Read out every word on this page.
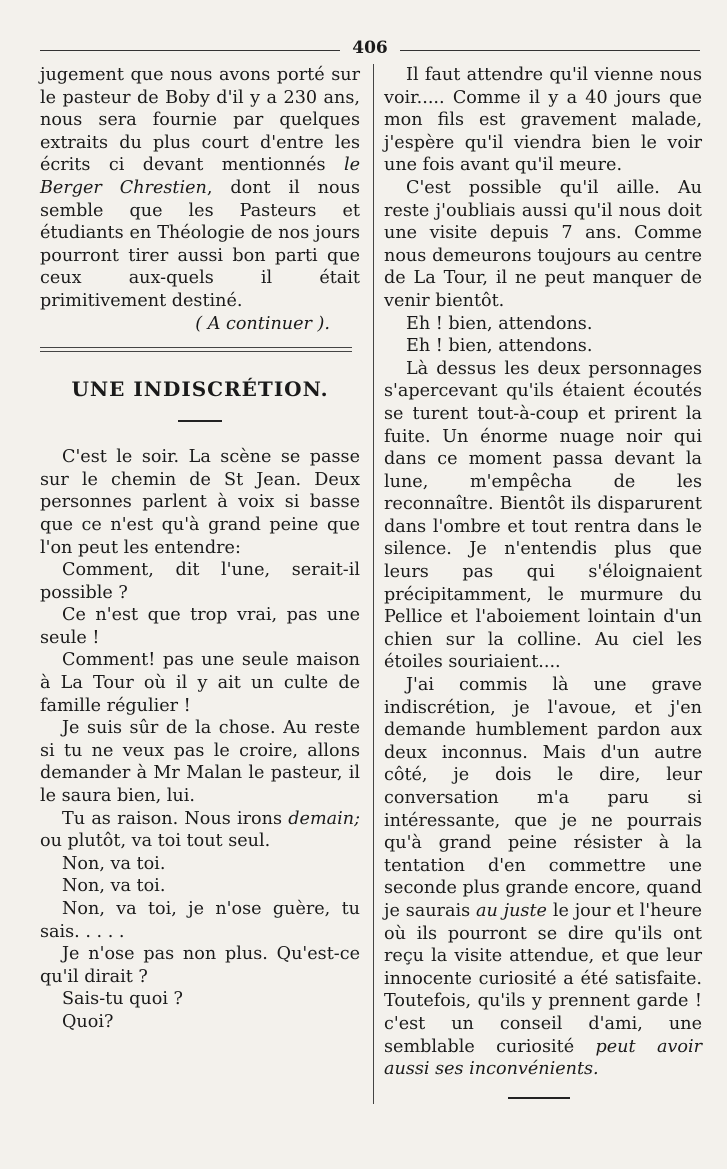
406

jugement que nous avons porté sur le pasteur de Boby d'il y a 230 ans, nous sera fournie par quelques extraits du plus court d'entre les écrits ci devant mentionnés le Berger Chrestien, dont il nous semble que les Pasteurs et étudiants en Théologie de nos jours pourront tirer aussi bon parti que ceux aux-quels il était primitivement destiné.

( A continuer ).

UNE INDISCRÉTION.

C'est le soir. La scène se passe sur le chemin de St Jean. Deux personnes parlent à voix si basse que ce n'est qu'à grand peine que l'on peut les entendre:

Comment, dit l'une, serait-il possible ?

Ce n'est que trop vrai, pas une seule !

Comment! pas une seule maison à La Tour où il y ait un culte de famille régulier !

Je suis sûr de la chose. Au reste si tu ne veux pas le croire, allons demander à Mr Malan le pasteur, il le saura bien, lui.

Tu as raison. Nous irons demain; ou plutôt, va toi tout seul.

Non, va toi.

Non, va toi.

Non, va toi, je n'ose guère, tu sais. . . . .

Je n'ose pas non plus. Qu'est-ce qu'il dirait ?

Sais-tu quoi ?

Quoi?

Il faut attendre qu'il vienne nous voir..... Comme il y a 40 jours que mon fils est gravement malade, j'espère qu'il viendra bien le voir une fois avant qu'il meure.

C'est possible qu'il aille. Au reste j'oubliais aussi qu'il nous doit une visite depuis 7 ans. Comme nous demeurons toujours au centre de La Tour, il ne peut manquer de venir bientôt.

Eh ! bien, attendons.

Eh ! bien, attendons.

Là dessus les deux personnages s'apercevant qu'ils étaient écoutés se turent tout-à-coup et prirent la fuite. Un énorme nuage noir qui dans ce moment passa devant la lune, m'empêcha de les reconnaître. Bientôt ils disparurent dans l'ombre et tout rentra dans le silence. Je n'entendis plus que leurs pas qui s'éloignaient précipitamment, le murmure du Pellice et l'aboiement lointain d'un chien sur la colline. Au ciel les étoiles souriaient....

J'ai commis là une grave indiscrétion, je l'avoue, et j'en demande humblement pardon aux deux inconnus. Mais d'un autre côté, je dois le dire, leur conversation m'a paru si intéressante, que je ne pourrais qu'à grand peine résister à la tentation d'en commettre une seconde plus grande encore, quand je saurais au juste le jour et l'heure où ils pourront se dire qu'ils ont reçu la visite attendue, et que leur innocente curiosité a été satisfaite. Toutefois, qu'ils y prennent garde ! c'est un conseil d'ami, une semblable curiosité peut avoir aussi ses inconvénients.
